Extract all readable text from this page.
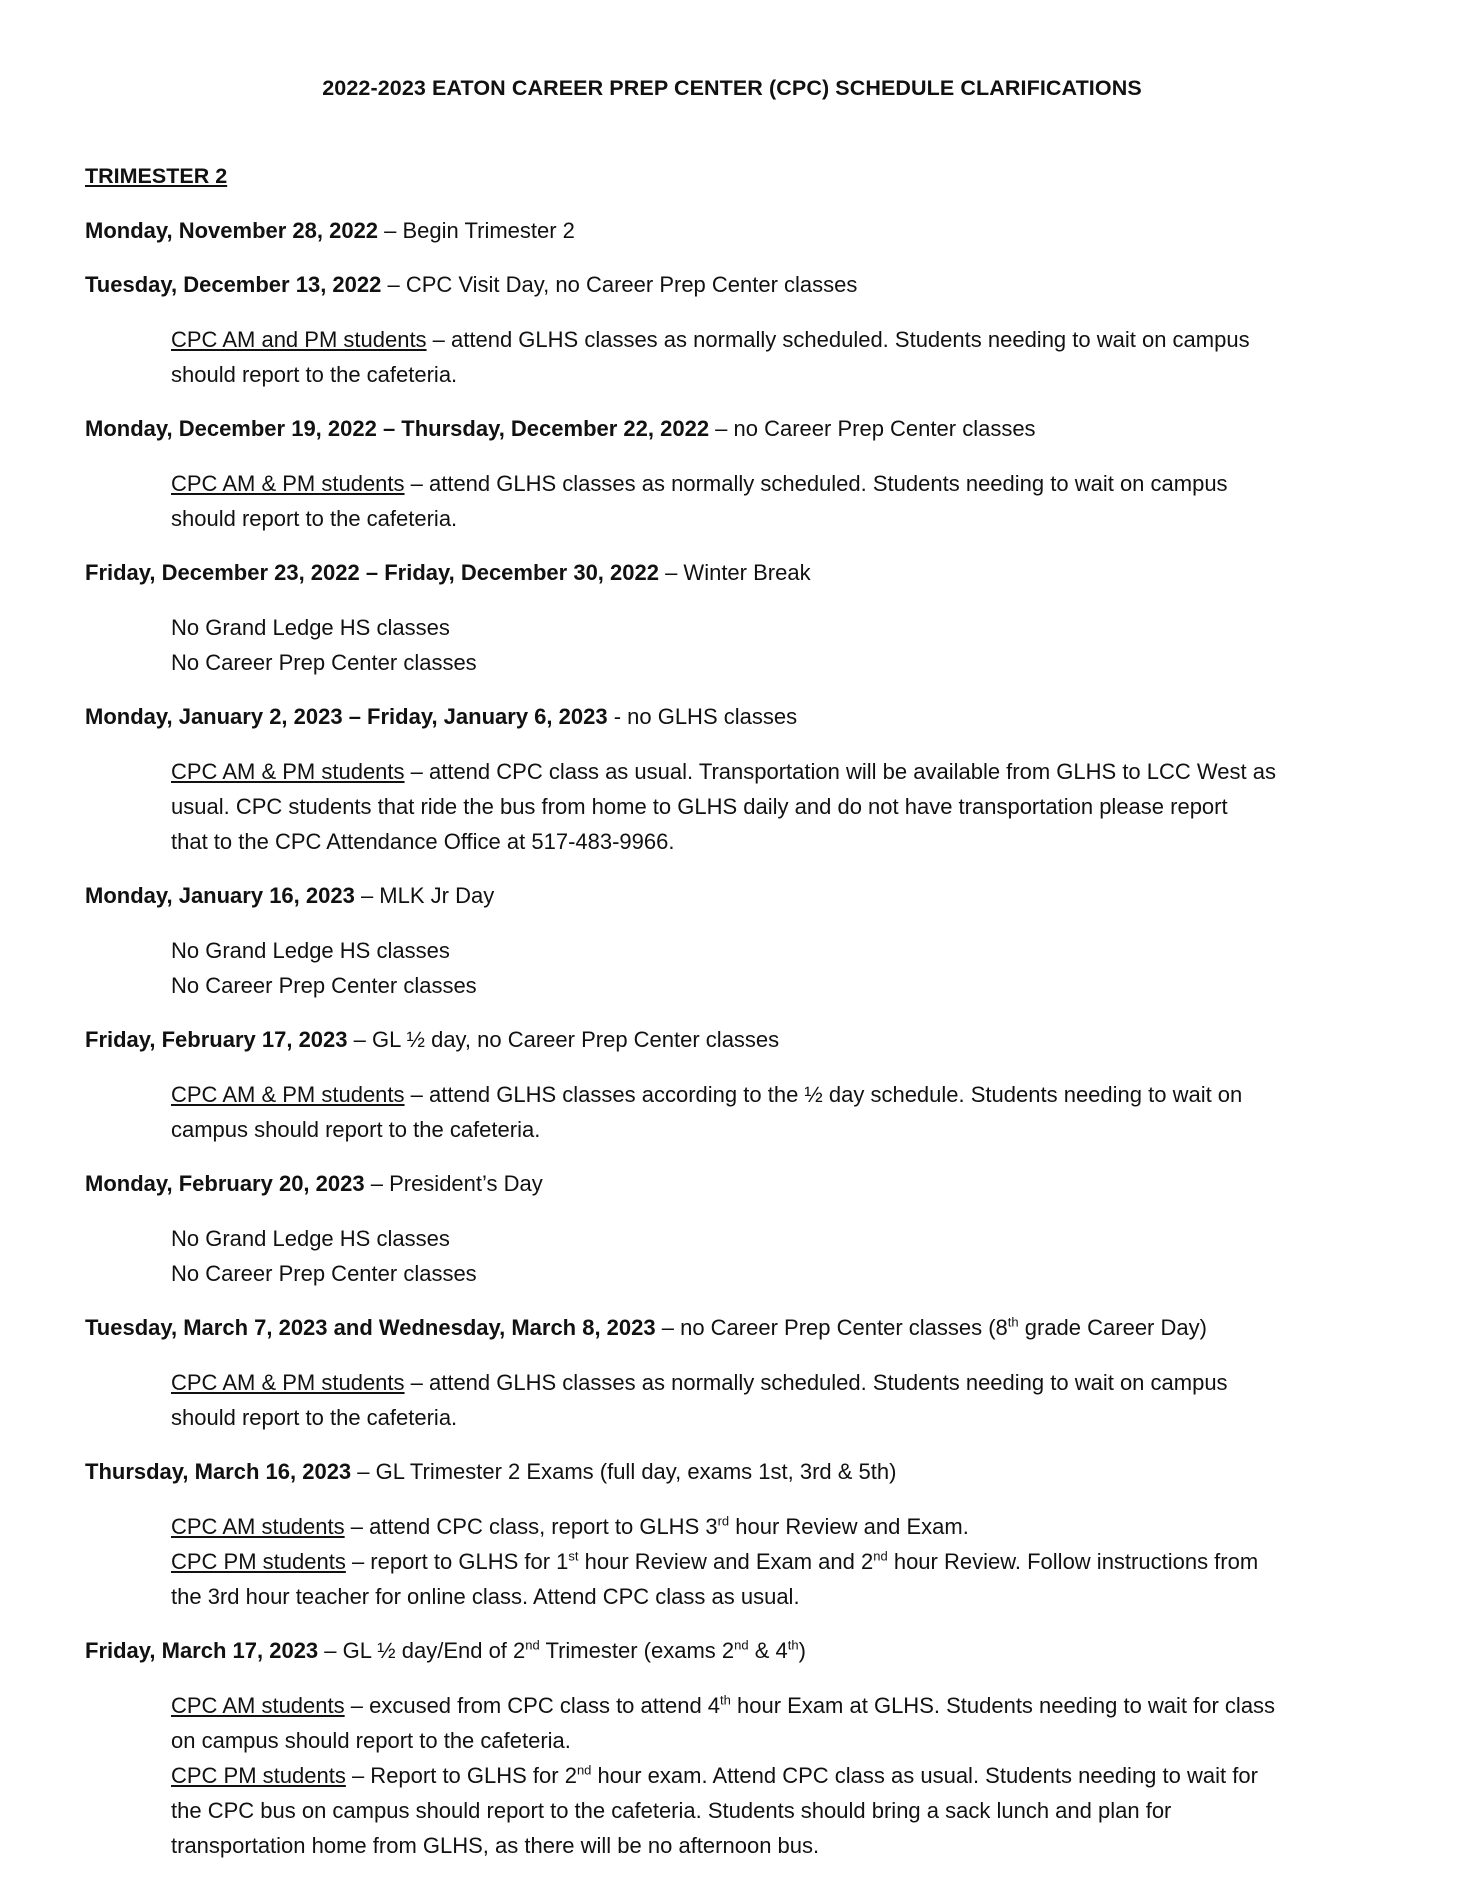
2022-2023 EATON CAREER PREP CENTER (CPC) SCHEDULE CLARIFICATIONS
TRIMESTER 2
Monday, November 28, 2022 – Begin Trimester 2
Tuesday, December 13, 2022 – CPC Visit Day, no Career Prep Center classes
CPC AM and PM students – attend GLHS classes as normally scheduled. Students needing to wait on campus
should report to the cafeteria.
Monday, December 19, 2022 – Thursday, December 22, 2022 – no Career Prep Center classes
CPC AM & PM students – attend GLHS classes as normally scheduled. Students needing to wait on campus
should report to the cafeteria.
Friday, December 23, 2022 – Friday, December 30, 2022 – Winter Break
No Grand Ledge HS classes
No Career Prep Center classes
Monday, January 2, 2023 – Friday, January 6, 2023 - no GLHS classes
CPC AM & PM students – attend CPC class as usual. Transportation will be available from GLHS to LCC West as
usual. CPC students that ride the bus from home to GLHS daily and do not have transportation please report
that to the CPC Attendance Office at 517-483-9966.
Monday, January 16, 2023 – MLK Jr Day
No Grand Ledge HS classes
No Career Prep Center classes
Friday, February 17, 2023 – GL ½ day, no Career Prep Center classes
CPC AM & PM students – attend GLHS classes according to the ½ day schedule. Students needing to wait on
campus should report to the cafeteria.
Monday, February 20, 2023 – President’s Day
No Grand Ledge HS classes
No Career Prep Center classes
Tuesday, March 7, 2023 and Wednesday, March 8, 2023 – no Career Prep Center classes (8th grade Career Day)
CPC AM & PM students – attend GLHS classes as normally scheduled. Students needing to wait on campus
should report to the cafeteria.
Thursday, March 16, 2023 – GL Trimester 2 Exams (full day, exams 1st, 3rd & 5th)
CPC AM students – attend CPC class, report to GLHS 3rd hour Review and Exam.
CPC PM students – report to GLHS for 1st hour Review and Exam and 2nd hour Review. Follow instructions from
the 3rd hour teacher for online class. Attend CPC class as usual.
Friday, March 17, 2023 – GL ½ day/End of 2nd Trimester (exams 2nd & 4th)
CPC AM students – excused from CPC class to attend 4th hour Exam at GLHS. Students needing to wait for class
on campus should report to the cafeteria.
CPC PM students – Report to GLHS for 2nd hour exam. Attend CPC class as usual. Students needing to wait for
the CPC bus on campus should report to the cafeteria. Students should bring a sack lunch and plan for
transportation home from GLHS, as there will be no afternoon bus.
